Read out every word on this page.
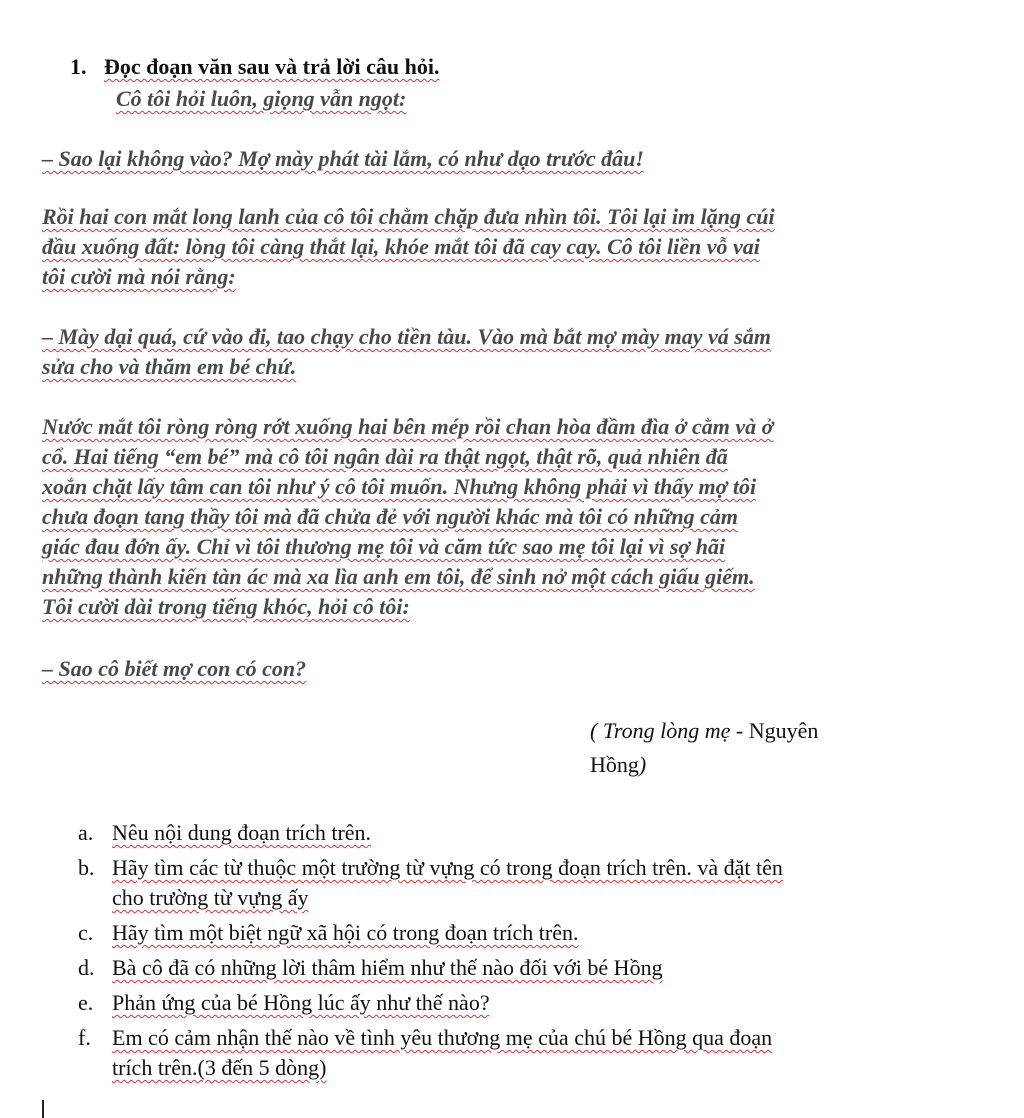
1. Đọc đoạn văn sau và trả lời câu hỏi.
Cô tôi hỏi luôn, giọng vẫn ngọt:
– Sao lại không vào? Mợ mày phát tài lắm, có như dạo trước đâu!
Rồi hai con mắt long lanh của cô tôi chằm chặp đưa nhìn tôi. Tôi lại im lặng cúi
đầu xuống đất: lòng tôi càng thắt lại, khóe mắt tôi đã cay cay. Cô tôi liền vỗ vai
tôi cười mà nói rằng:
– Mày dại quá, cứ vào đi, tao chạy cho tiền tàu. Vào mà bắt mợ mày may vá sắm
sửa cho và thăm em bé chứ.
Nước mắt tôi ròng ròng rớt xuống hai bên mép rồi chan hòa đầm đìa ở cằm và ở
cổ. Hai tiếng “em bé” mà cô tôi ngân dài ra thật ngọt, thật rõ, quả nhiên đã
xoắn chặt lấy tâm can tôi như ý cô tôi muốn. Nhưng không phải vì thấy mợ tôi
chưa đoạn tang thầy tôi mà đã chửa đẻ với người khác mà tôi có những cảm
giác đau đớn ấy. Chỉ vì tôi thương mẹ tôi và căm tức sao mẹ tôi lại vì sợ hãi
những thành kiến tàn ác mà xa lìa anh em tôi, để sinh nở một cách giấu giếm.
Tôi cười dài trong tiếng khóc, hỏi cô tôi:
– Sao cô biết mợ con có con?
( Trong lòng mẹ - Nguyên
Hồng)
a. Nêu nội dung đoạn trích trên.
b. Hãy tìm các từ thuộc một trường từ vựng có trong đoạn trích trên. và đặt tên
cho trường từ vựng ấy
c. Hãy tìm một biệt ngữ xã hội có trong đoạn trích trên.
d. Bà cô đã có những lời thâm hiểm như thế nào đối với bé Hồng
e. Phản ứng của bé Hồng lúc ấy như thế nào?
f. Em có cảm nhận thế nào về tình yêu thương mẹ của chú bé Hồng qua đoạn
trích trên.(3 đến 5 dòng)
